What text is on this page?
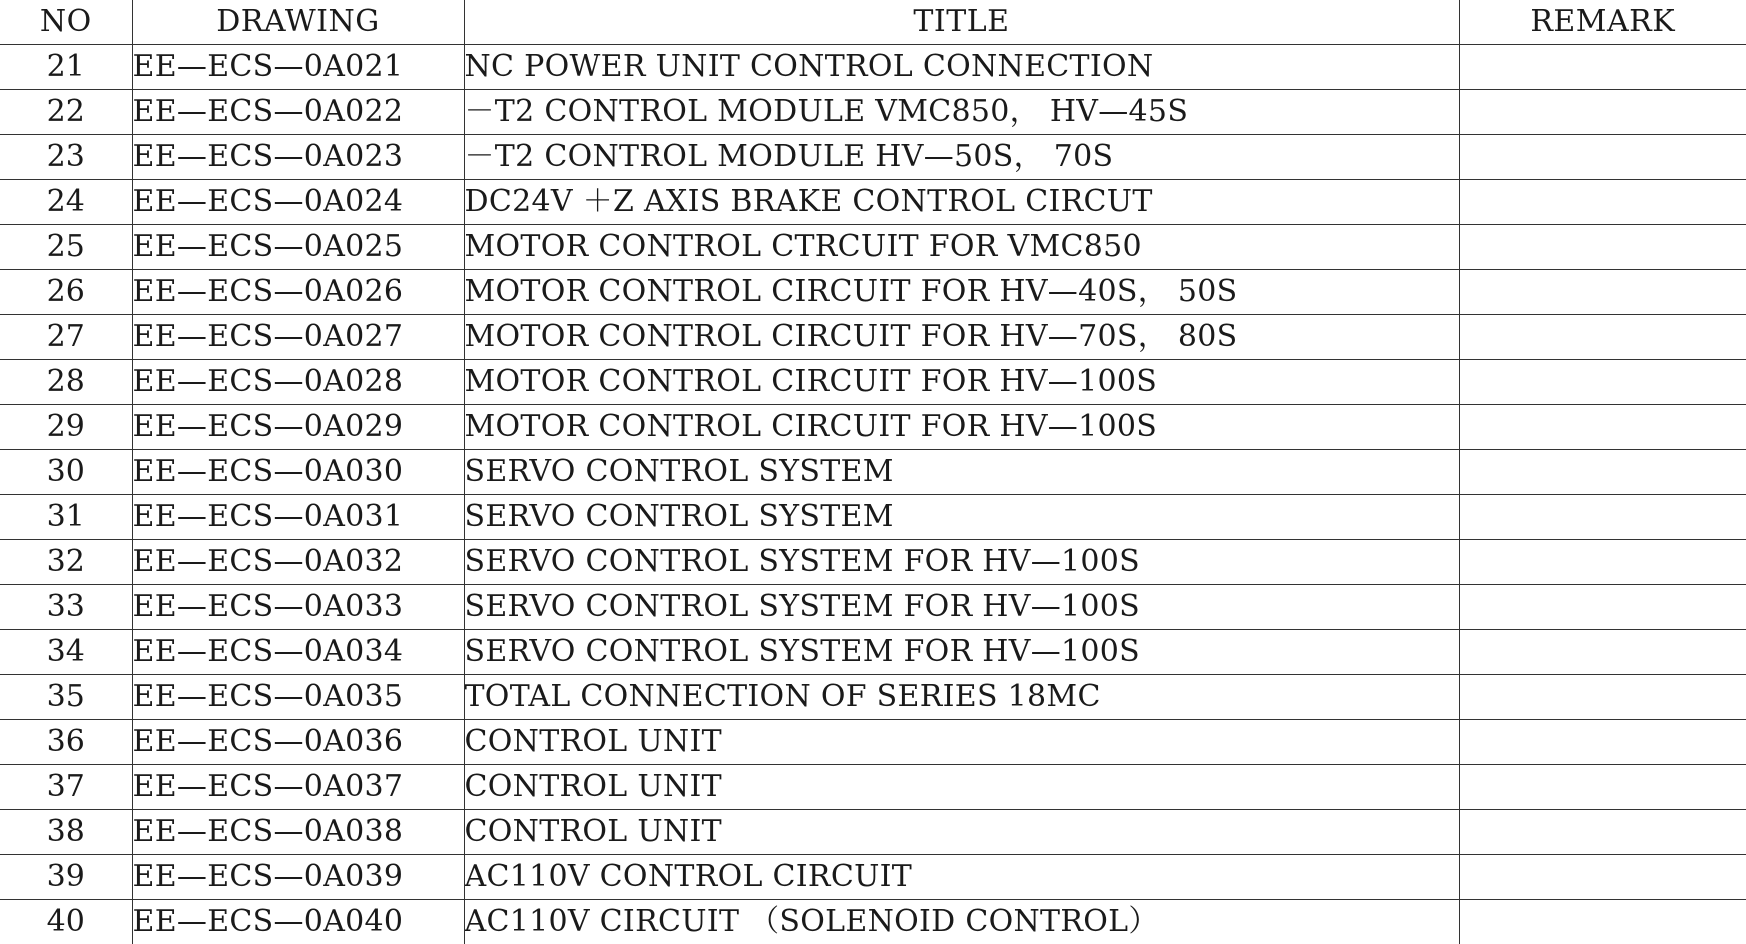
NO	DRAWING	TITLE	REMARK
21	EE—ECS—0A021	NC POWER UNIT CONTROL CONNECTION	
22	EE—ECS—0A022	－T2 CONTROL MODULE VMC850， HV—45S	
23	EE—ECS—0A023	－T2 CONTROL MODULE HV—50S， 70S	
24	EE—ECS—0A024	DC24V ＋Z AXIS BRAKE CONTROL CIRCUT	
25	EE—ECS—0A025	MOTOR CONTROL CTRCUIT FOR VMC850	
26	EE—ECS—0A026	MOTOR CONTROL CIRCUIT FOR HV—40S， 50S	
27	EE—ECS—0A027	MOTOR CONTROL CIRCUIT FOR HV—70S， 80S	
28	EE—ECS—0A028	MOTOR CONTROL CIRCUIT FOR HV—100S	
29	EE—ECS—0A029	MOTOR CONTROL CIRCUIT FOR HV—100S	
30	EE—ECS—0A030	SERVO CONTROL SYSTEM	
31	EE—ECS—0A031	SERVO CONTROL SYSTEM	
32	EE—ECS—0A032	SERVO CONTROL SYSTEM FOR HV—100S	
33	EE—ECS—0A033	SERVO CONTROL SYSTEM FOR HV—100S	
34	EE—ECS—0A034	SERVO CONTROL SYSTEM FOR HV—100S	
35	EE—ECS—0A035	TOTAL CONNECTION OF SERIES 18MC	
36	EE—ECS—0A036	CONTROL UNIT	
37	EE—ECS—0A037	CONTROL UNIT	
38	EE—ECS—0A038	CONTROL UNIT	
39	EE—ECS—0A039	AC110V CONTROL CIRCUIT	
40	EE—ECS—0A040	AC110V CIRCUIT （SOLENOID CONTROL）	
